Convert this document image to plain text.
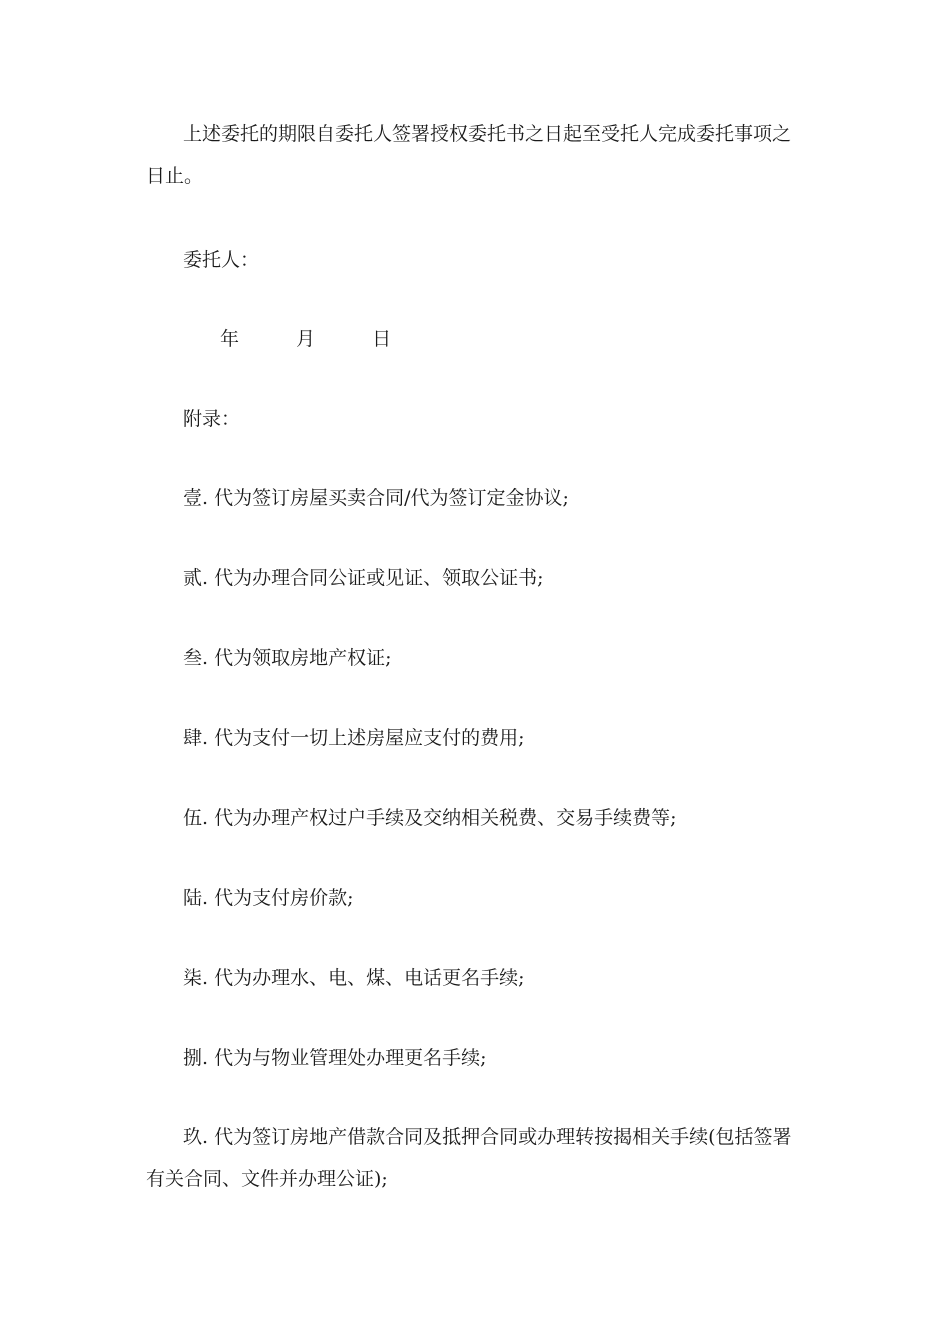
上述委托的期限自委托人签署授权委托书之日起至受托人完成委托事项之日止。

委托人：

年	月	日

附录：

壹. 代为签订房屋买卖合同/代为签订定金协议;

贰. 代为办理合同公证或见证、领取公证书;

叁. 代为领取房地产权证;

肆. 代为支付一切上述房屋应支付的费用;

伍. 代为办理产权过户手续及交纳相关税费、交易手续费等;

陆. 代为支付房价款;

柒. 代为办理水、电、煤、电话更名手续;

捌. 代为与物业管理处办理更名手续;

玖. 代为签订房地产借款合同及抵押合同或办理转按揭相关手续(包括签署有关合同、文件并办理公证);
